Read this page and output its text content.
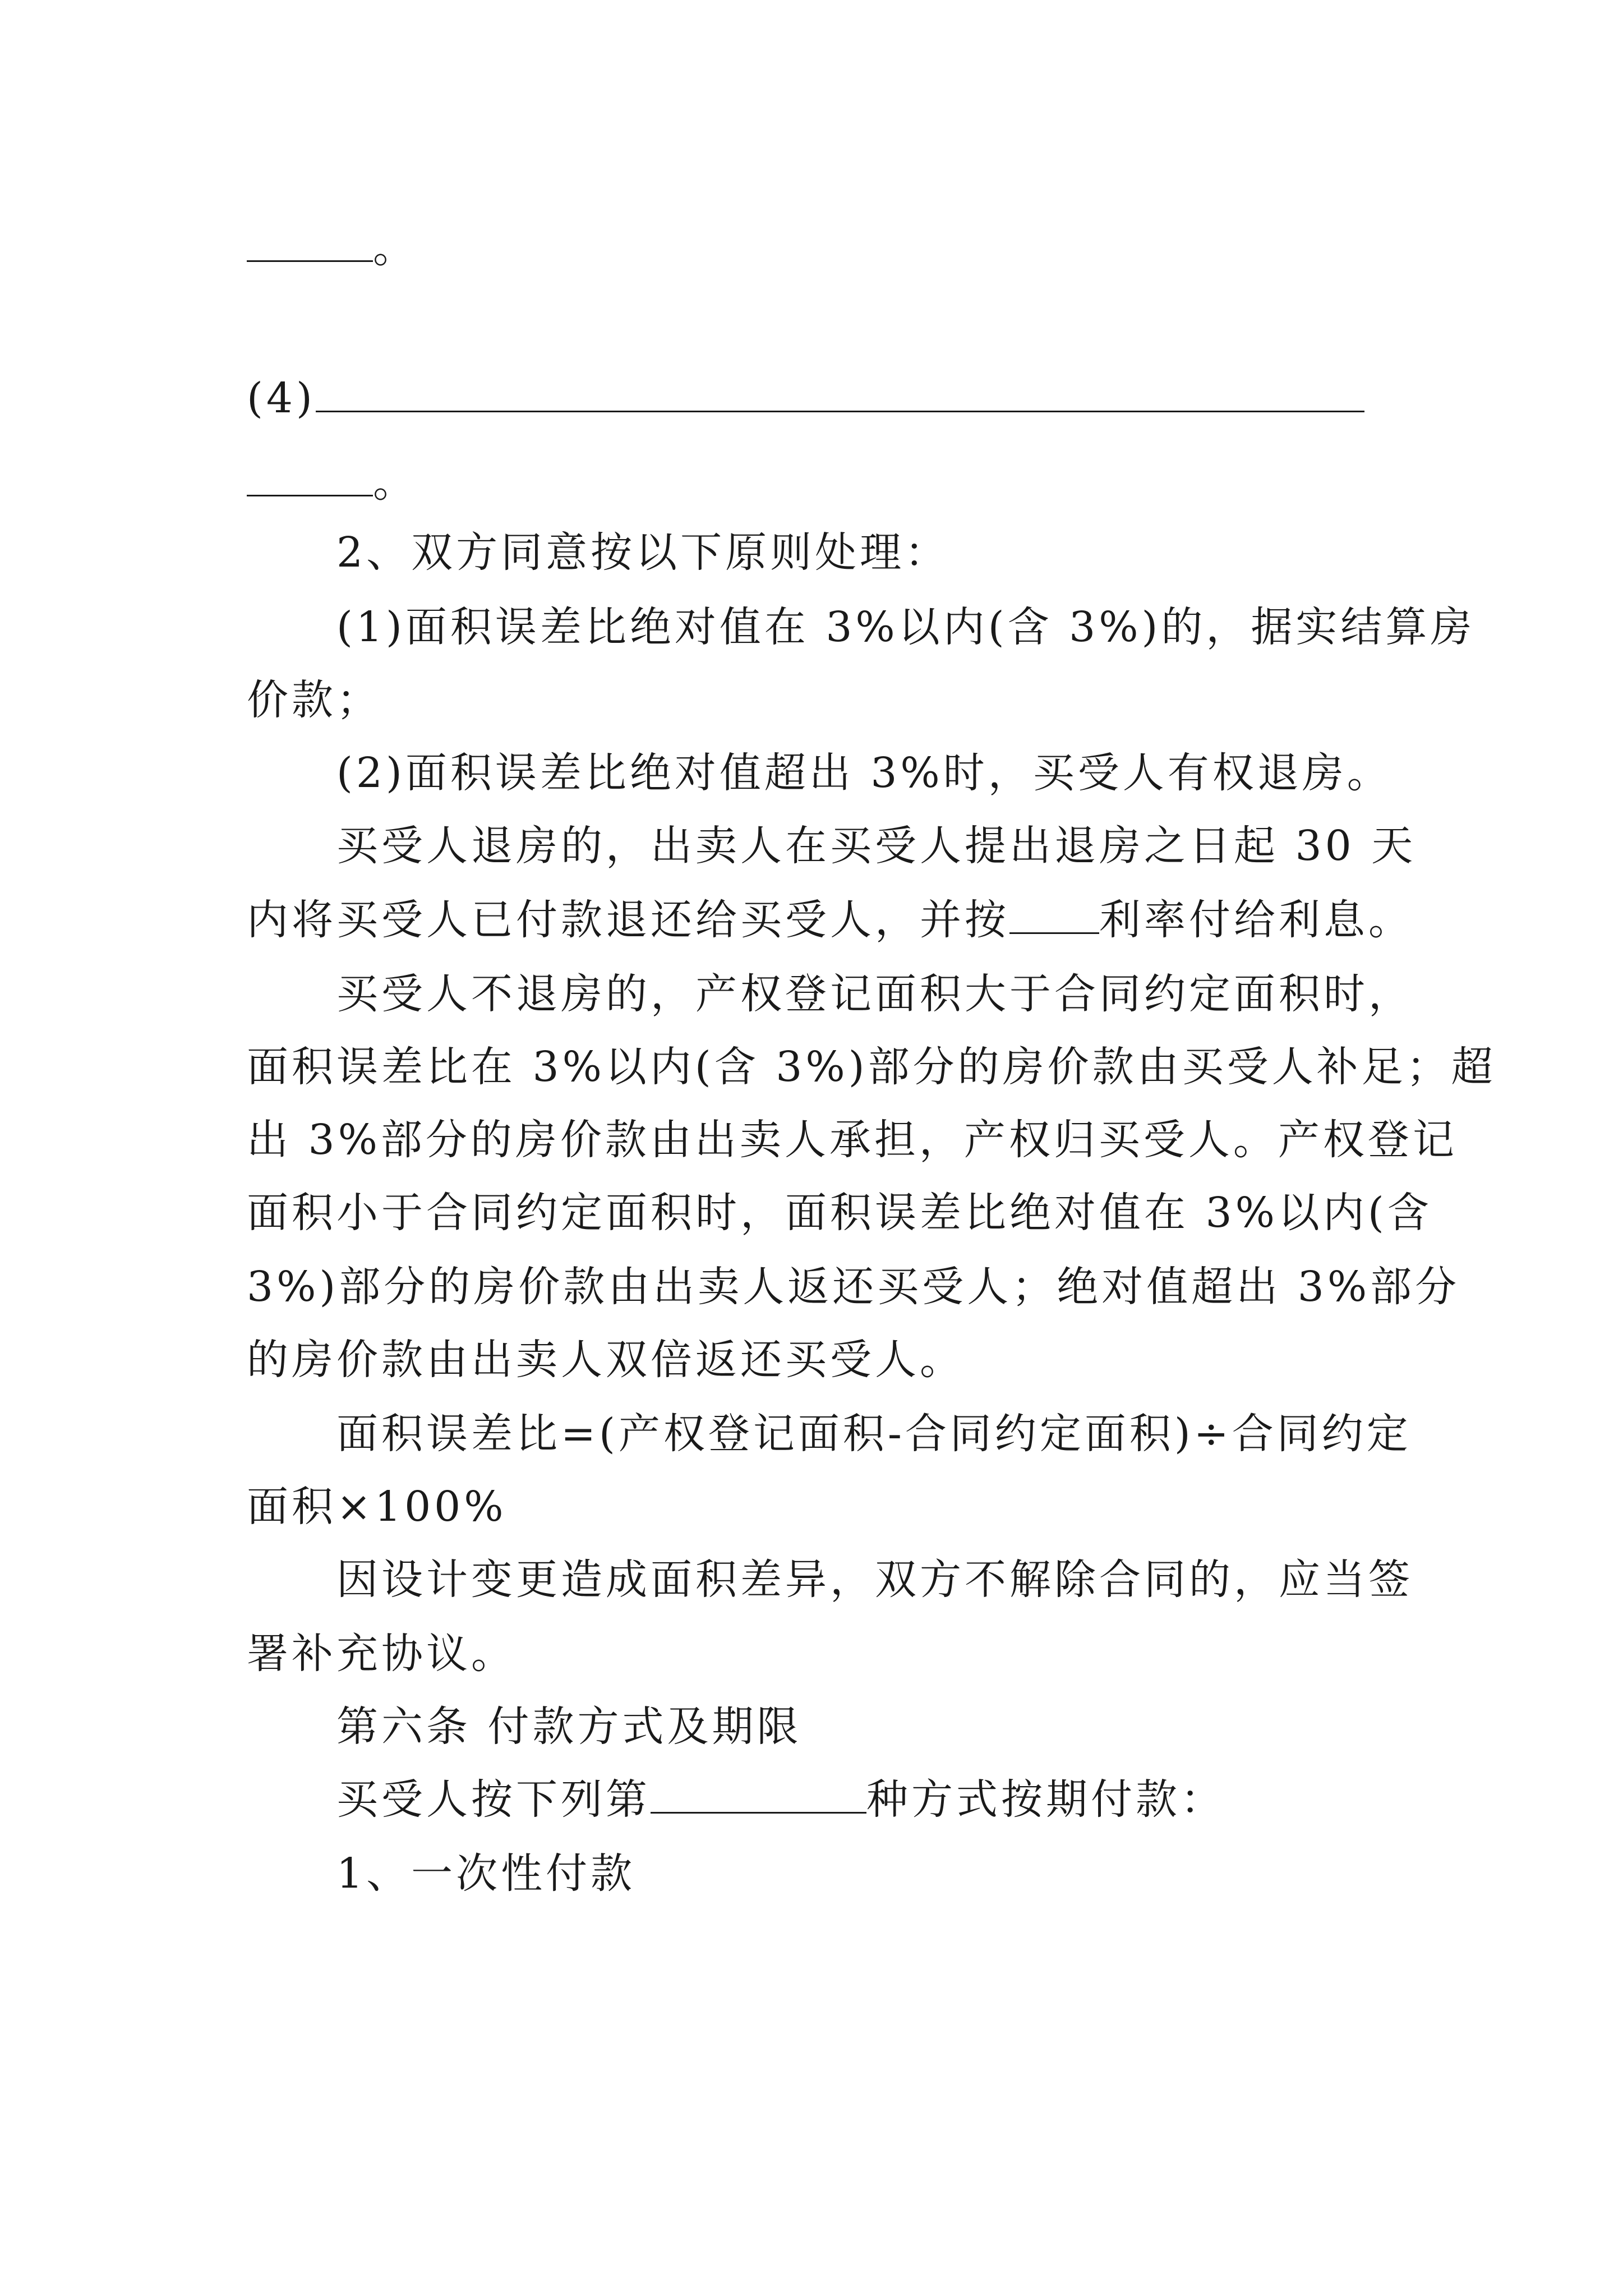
。
(4)
。
2、双方同意按以下原则处理：
(1)面积误差比绝对值在 3%以内(含 3%)的，据实结算房
价款；
(2)面积误差比绝对值超出 3%时，买受人有权退房。
买受人退房的，出卖人在买受人提出退房之日起 30 天
内将买受人已付款退还给买受人，并按 利率付给利息。
买受人不退房的，产权登记面积大于合同约定面积时，
面积误差比在 3%以内(含 3%)部分的房价款由买受人补足；超
出 3%部分的房价款由出卖人承担，产权归买受人。产权登记
面积小于合同约定面积时，面积误差比绝对值在 3%以内(含
3%)部分的房价款由出卖人返还买受人；绝对值超出 3%部分
的房价款由出卖人双倍返还买受人。
面积误差比=(产权登记面积-合同约定面积)÷合同约定
面积×100%
因设计变更造成面积差异，双方不解除合同的，应当签
署补充协议。
第六条 付款方式及期限
买受人按下列第	种方式按期付款：
1、一次性付款
